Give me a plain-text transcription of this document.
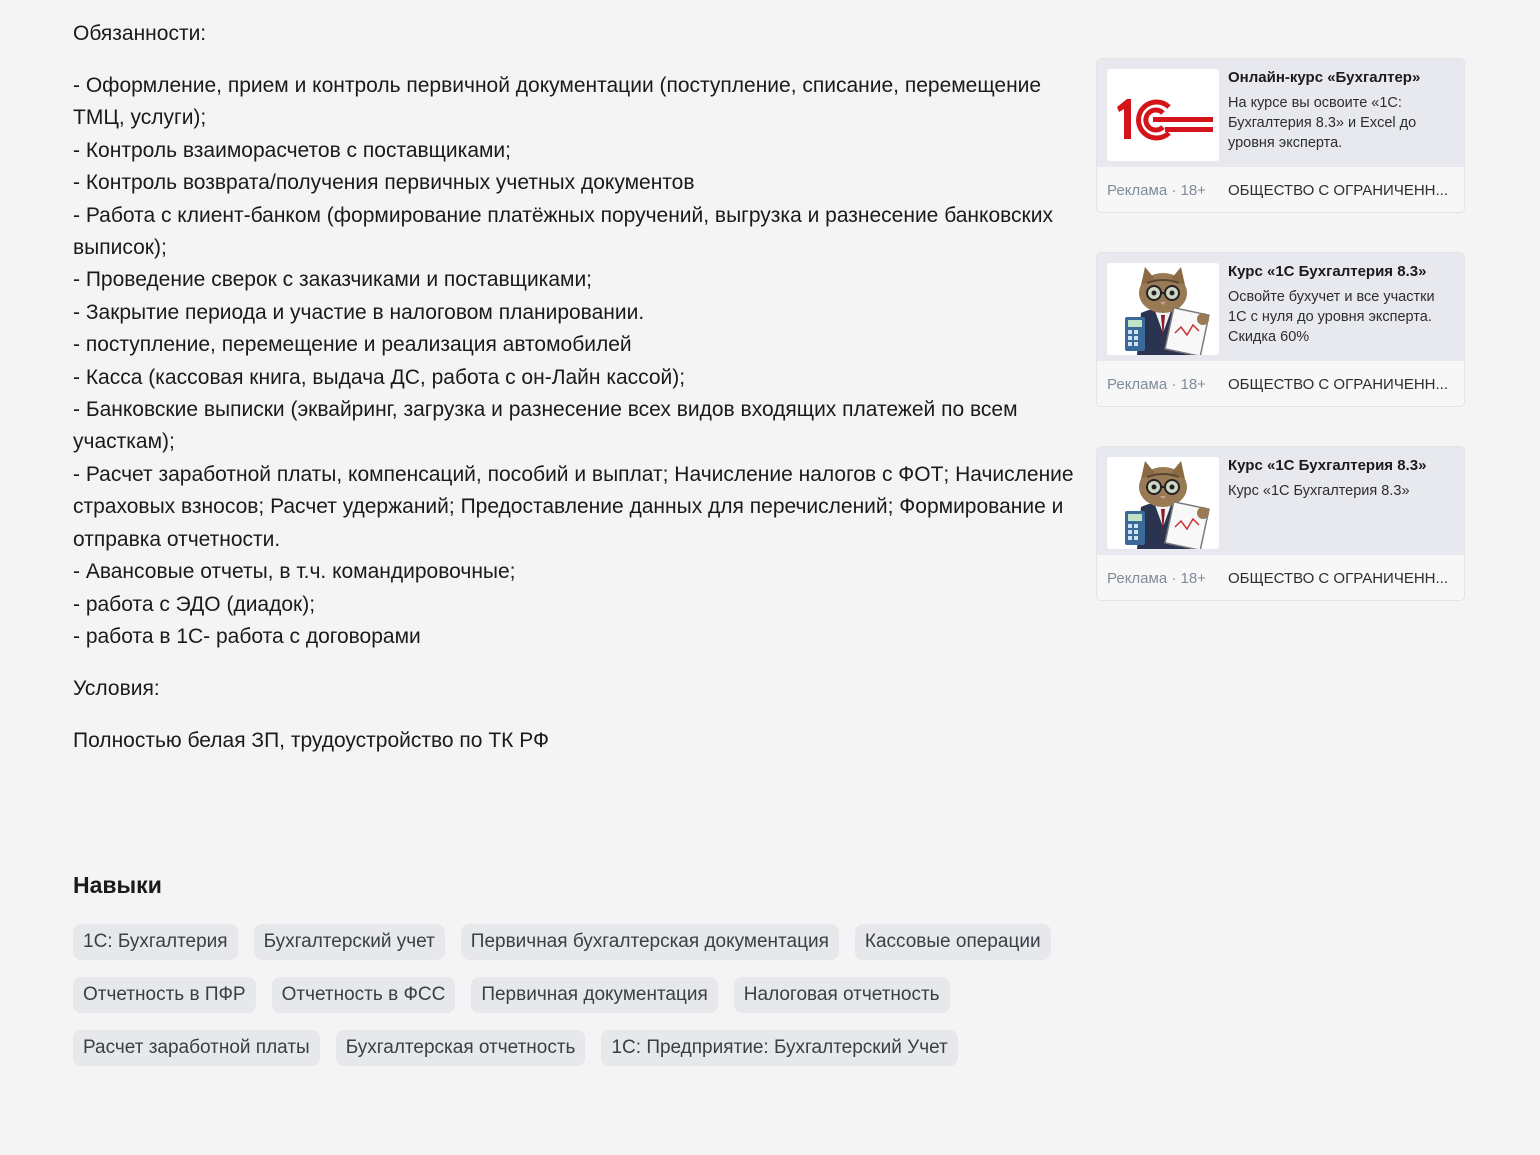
Обязанности:

- Оформление, прием и контроль первичной документации (поступление, списание, перемещение ТМЦ, услуги);

- Контроль взаиморасчетов с поставщиками;

- Контроль возврата/получения первичных учетных документов

- Работа с клиент-банком (формирование платёжных поручений, выгрузка и разнесение банковских выписок);

- Проведение сверок с заказчиками и поставщиками;

- Закрытие периода и участие в налоговом планировании.

- поступление, перемещение и реализация автомобилей

- Касса (кассовая книга, выдача ДС, работа с он-Лайн кассой);

- Банковские выписки (эквайринг, загрузка и разнесение всех видов входящих платежей по всем участкам);

- Расчет заработной платы, компенсаций, пособий и выплат; Начисление налогов с ФОТ; Начисление страховых взносов; Расчет удержаний; Предоставление данных для перечислений; Формирование и отправка отчетности.

- Авансовые отчеты, в т.ч. командировочные;

- работа с ЭДО (диадок);

- работа в 1С- работа с договорами

Условия:
Полностью белая ЗП, трудоустройство по ТК РФ
Навыки
1С: Бухгалтерия	Бухгалтерский учет	Первичная бухгалтерская документация	Кассовые операции
Отчетность в ПФР	Отчетность в ФСС	Первичная документация	Налоговая отчетность
Расчет заработной платы	Бухгалтерская отчетность	1С: Предприятие: Бухгалтерский Учет
1С	Онлайн-курс «Бухгалтер»
На курсе вы освоите «1С: Бухгалтерия 8.3» и Excel до уровня эксперта.
Реклама · 18+	ОБЩЕСТВО С ОГРАНИЧЕНН...
Курс «1С Бухгалтерия 8.3»
Освойте бухучет и все участки 1С с нуля до уровня эксперта. Скидка 60%
Реклама · 18+	ОБЩЕСТВО С ОГРАНИЧЕНН...
Курс «1С Бухгалтерия 8.3»
Курс «1С Бухгалтерия 8.3»
Реклама · 18+	ОБЩЕСТВО С ОГРАНИЧЕНН...
